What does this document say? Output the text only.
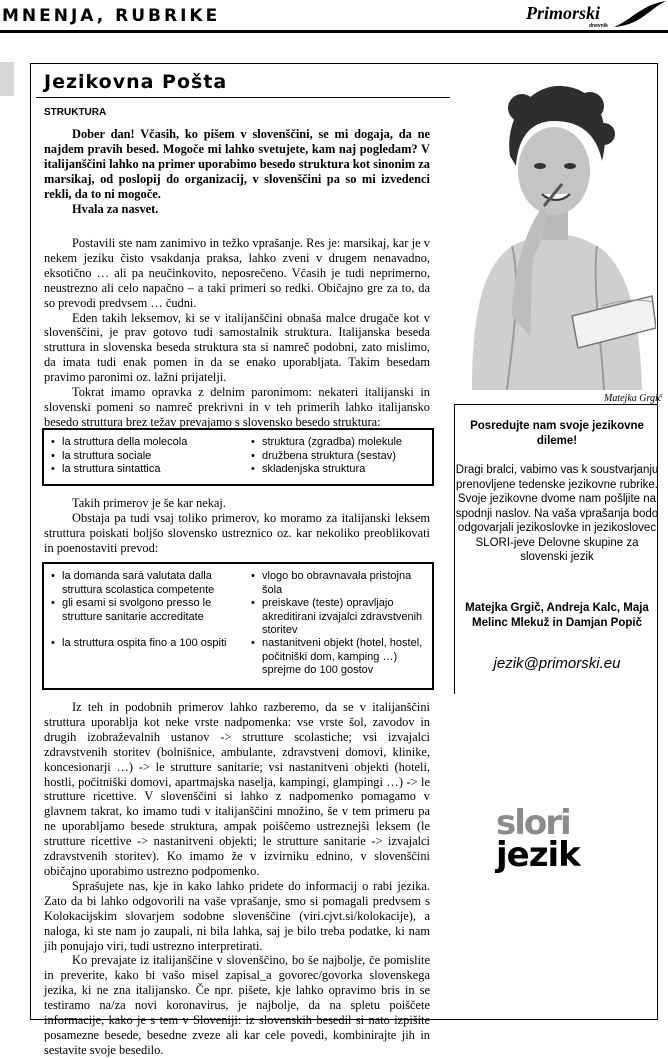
MNENJA, RUBRIKE	Primorski
dnevnik
Jezikovna Pošta
STRUKTURA

Dober dan! Včasih, ko pišem v slovenščini, se mi dogaja, da ne najdem pravih besed. Mogoče mi lahko svetujete, kam naj pogledam? V italijanščini lahko na primer uporabimo besedo struktura kot sinonim za marsikaj, od poslopij do organizacij, v slovenščini pa so mi izvedenci rekli, da to ni mogoče.

Hvala za nasvet.

Postavili ste nam zanimivo in težko vprašanje. Res je: marsikaj, kar je v nekem jeziku čisto vsakdanja praksa, lahko zveni v drugem nenavadno, eksotično … ali pa neučinkovito, neposrečeno. Včasih je tudi neprimerno, neustrezno ali celo napačno – a taki primeri so redki. Običajno gre za to, da so prevodi predvsem … čudni.

Eden takih leksemov, ki se v italijanščini obnaša malce drugače kot v slovenščini, je prav gotovo tudi samostalnik struktura. Italijanska beseda struttura in slovenska beseda struktura sta si namreč podobni, zato mislimo, da imata tudi enak pomen in da se enako uporabljata. Takim besedam pravimo paronimi oz. lažni prijatelji.

Tokrat imamo opravka z delnim paronimom: nekateri italijanski in slovenski pomeni so namreč prekrivni in v teh primerih lahko italijansko besedo struttura brez težav prevajamo s slovensko besedo struktura:

• la struttura della molecola
• la struttura sociale
• la struttura sintattica
• struktura (zgradba) molekule
• družbena struktura (sestav)
• skladenjska struktura

Takih primerov je še kar nekaj.

Obstaja pa tudi vsaj toliko primerov, ko moramo za italijanski leksem struttura poiskati boljšo slovensko ustreznico oz. kar nekoliko preoblikovati in poenostaviti prevod:

• la domanda sarà valutata dalla struttura scolastica competente
• gli esami si svolgono presso le strutture sanitarie accreditate
• la struttura ospita fino a 100 ospiti
• vlogo bo obravnavala pristojna šola
• preiskave (teste) opravljajo akreditirani izvajalci zdravstvenih storitev
• nastanitveni objekt (hotel, hostel, počitniški dom, kamping …) sprejme do 100 gostov

Iz teh in podobnih primerov lahko razberemo, da se v italijanščini struttura uporablja kot neke vrste nadpomenka: vse vrste šol, zavodov in drugih izobraževalnih ustanov -> strutture scolastiche; vsi izvajalci zdravstvenih storitev (bolnišnice, ambulante, zdravstveni domovi, klinike, koncesionarji …) -> le strutture sanitarie; vsi nastanitveni objekti (hoteli, hostli, počitniški domovi, apartmajska naselja, kampingi, glampingi …) -> le strutture ricettive. V slovenščini si lahko z nadpomenko pomagamo v glavnem takrat, ko imamo tudi v italijanščini množino, še v tem primeru pa ne uporabljamo besede struktura, ampak poiščemo ustreznejši leksem (le strutture ricettive -> nastanitveni objekti; le strutture sanitarie -> izvajalci zdravstvenih storitev). Ko imamo že v izvirniku ednino, v slovenščini običajno uporabimo ustrezno podpomenko.

Sprašujete nas, kje in kako lahko pridete do informacij o rabi jezika. Zato da bi lahko odgovorili na vaše vprašanje, smo si pomagali predvsem s Kolokacijskim slovarjem sodobne slovenščine (viri.cjvt.si/kolokacije), a naloga, ki ste nam jo zaupali, ni bila lahka, saj je bilo treba podatke, ki nam jih ponujajo viri, tudi ustrezno interpretirati.

Ko prevajate iz italijanščine v slovenščino, bo še najbolje, če pomislite in preverite, kako bi vašo misel zapisal_a govorec/govorka slovenskega jezika, ki ne zna italijansko. Če npr. pišete, kje lahko opravimo bris in se testiramo na/za novi koronavirus, je najbolje, da na spletu poiščete informacije, kako je s tem v Sloveniji: iz slovenskih besedil si nato izpišite posamezne besede, besedne zveze ali kar cele povedi, kombinirajte jih in sestavite svoje besedilo.

Matejka Grgič
Posredujte nam svoje jezikovne dileme!
Dragi bralci, vabimo vas k soustvarjanju prenovljene tedenske jezikovne rubrike. Svoje jezikovne dvome nam pošljite na spodnji naslov. Na vaša vprašanja bodo odgovarjali jezikoslovke in jezikoslovec SLORI-jeve Delovne skupine za slovenski jezik
Matejka Grgič, Andreja Kalc, Maja Melinc Mlekuž in Damjan Popič
jezik@primorski.eu
slori
jezik
